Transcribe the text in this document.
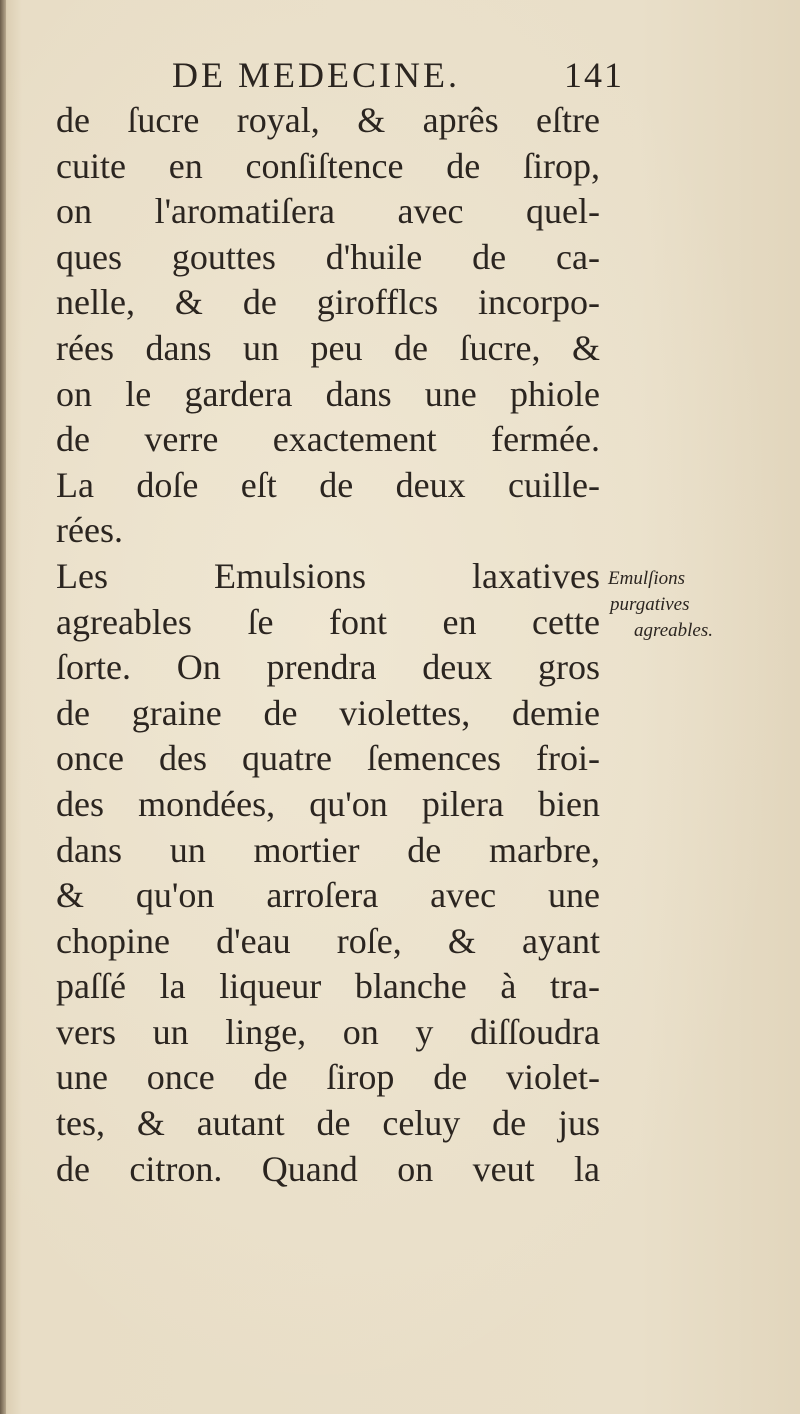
DE MEDECINE.	141
de ſucre royal, & aprês eſtre
cuite en conſiſtence de ſirop,
on l'aromatiſera avec quel-
ques gouttes d'huile de ca-
nelle, & de girofflcs incorpo-
rées dans un peu de ſucre, &
on le gardera dans une phiole
de verre exactement fermée.
La doſe eſt de deux cuille-
rées.
Les Emulsions laxatives
agreables ſe font en cette
ſorte. On prendra deux gros
de graine de violettes, demie
once des quatre ſemences froi-
des mondées, qu'on pilera bien
dans un mortier de marbre,
& qu'on arroſera avec une
chopine d'eau roſe, & ayant
paſſé la liqueur blanche à tra-
vers un linge, on y diſſoudra
une once de ſirop de violet-
tes, & autant de celuy de jus
de citron. Quand on veut la
Emulſions
purgatives
agreables.
